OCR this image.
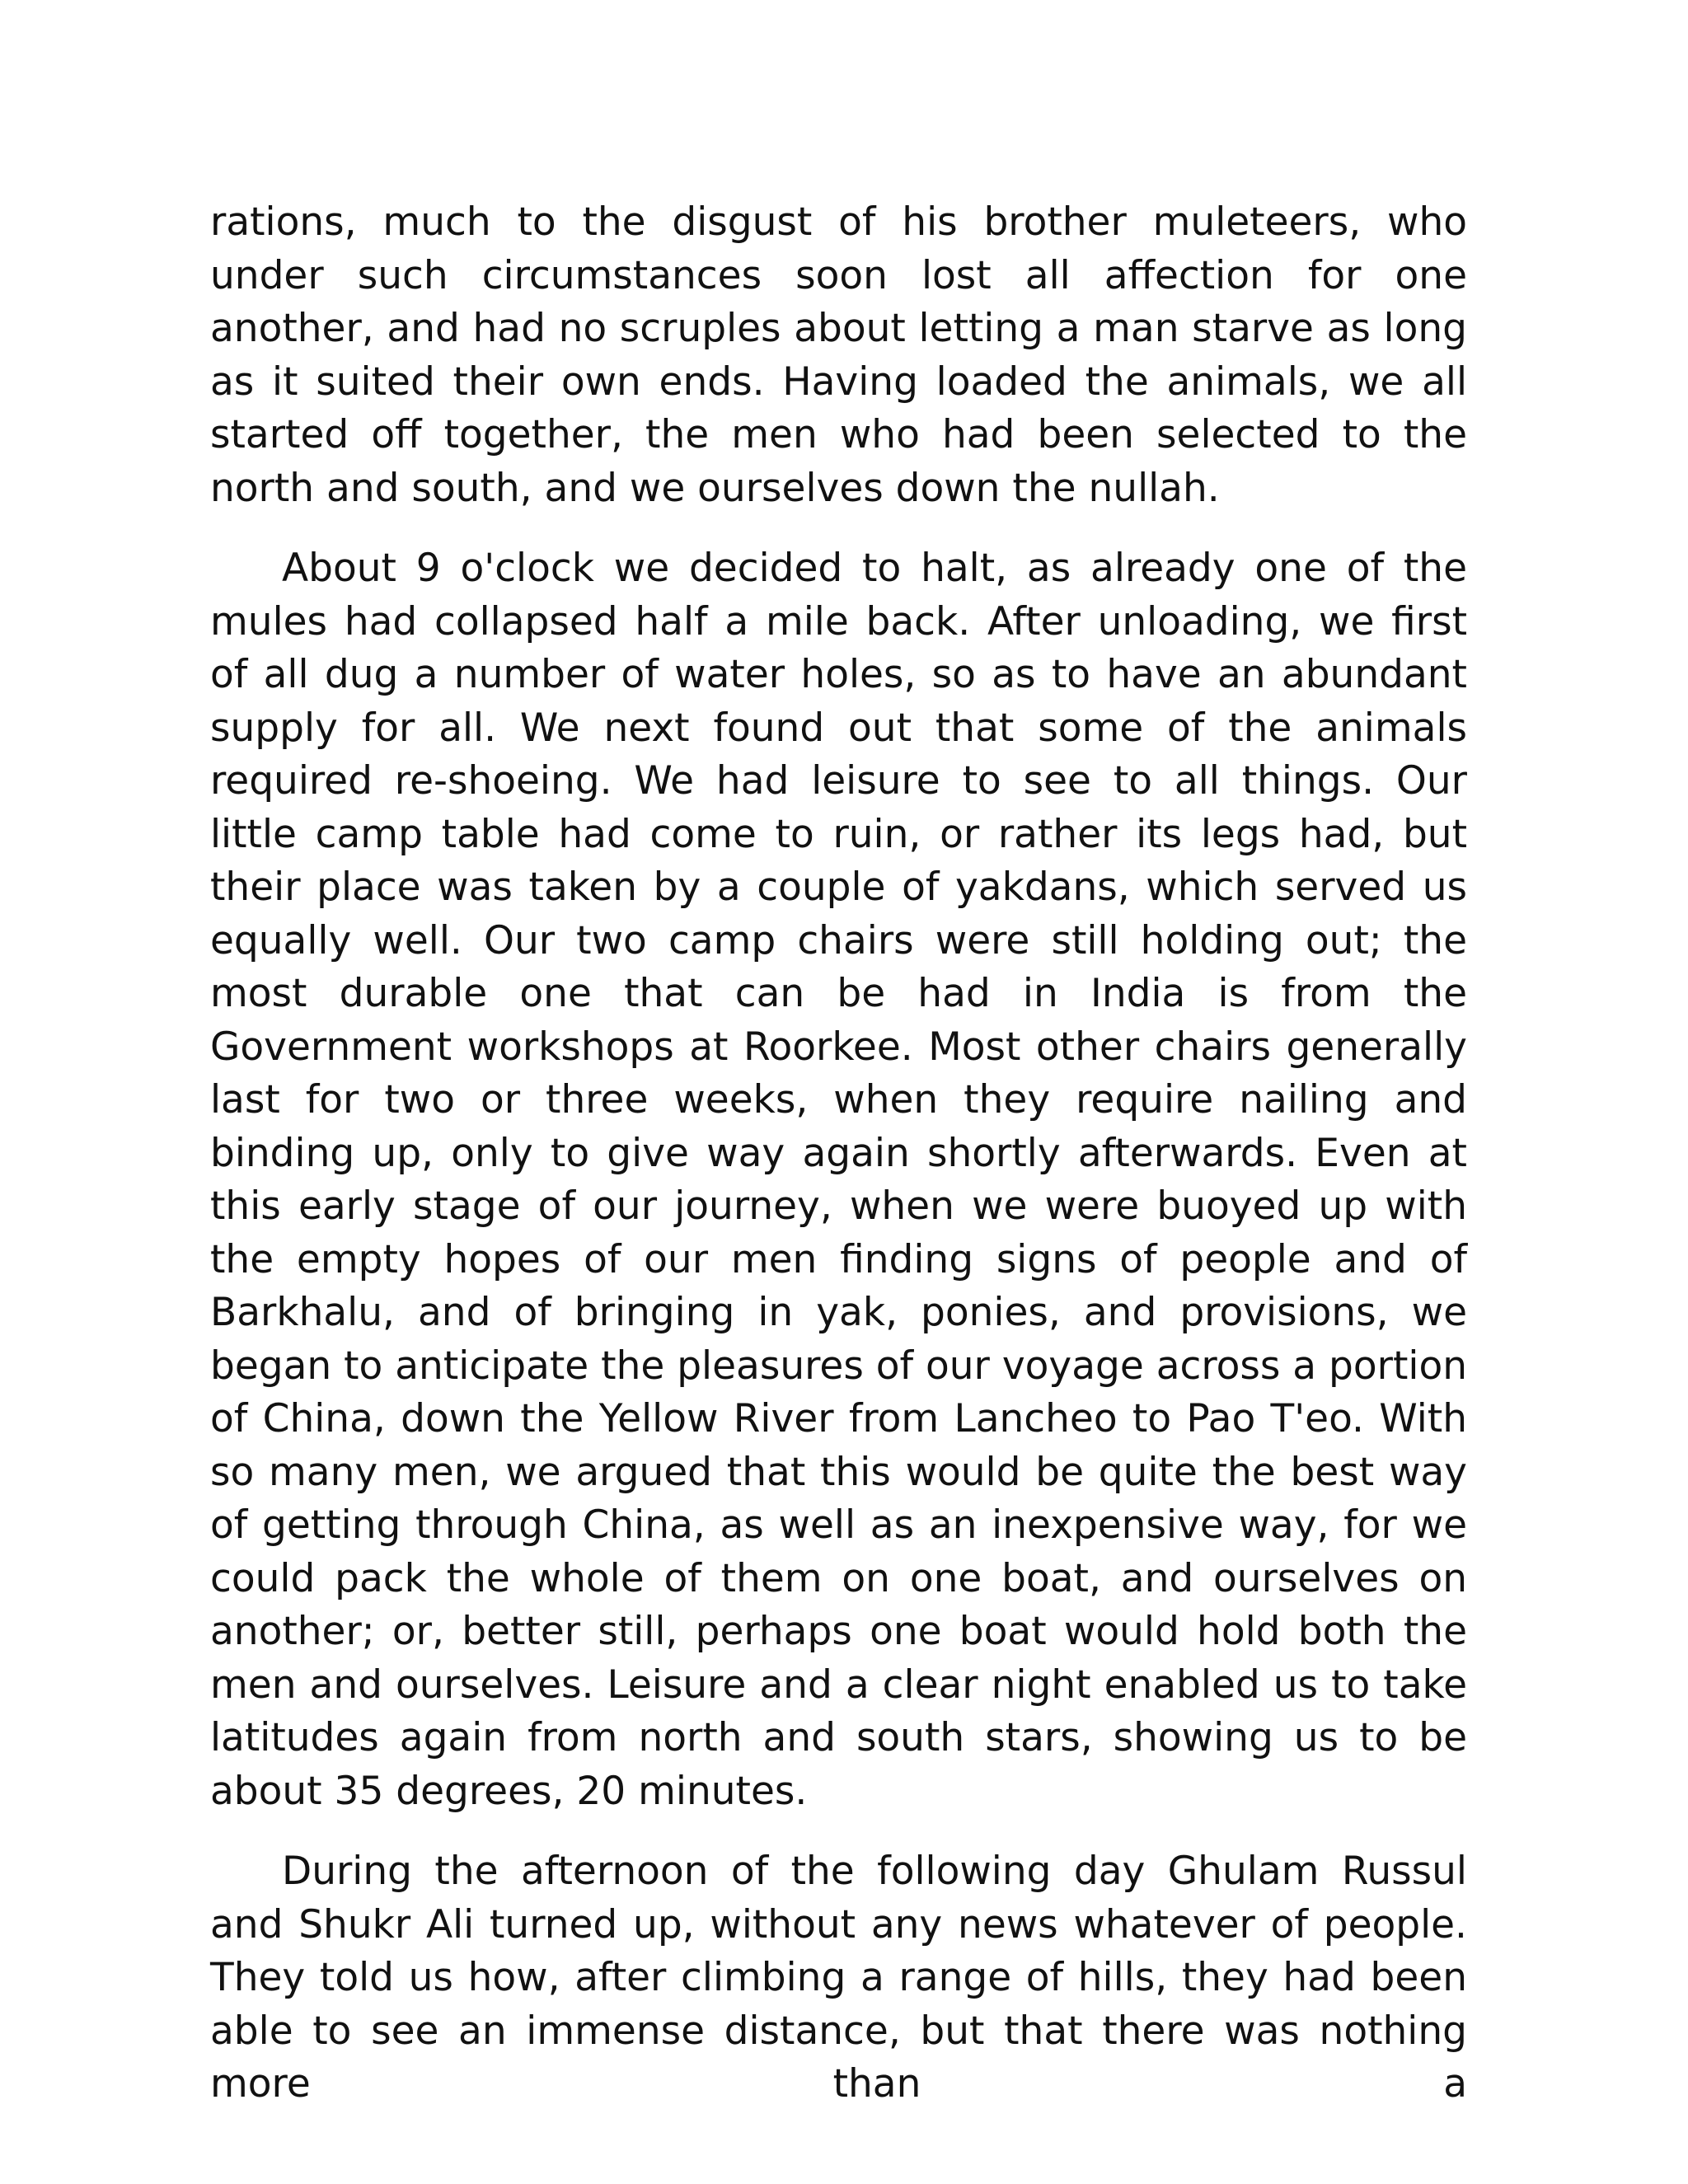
rations, much to the disgust of his brother muleteers, who under such circumstances soon lost all affection for one another, and had no scruples about letting a man starve as long as it suited their own ends. Having loaded the animals, we all started off together, the men who had been selected to the north and south, and we ourselves down the nullah.

About 9 o'clock we decided to halt, as already one of the mules had collapsed half a mile back. After unloading, we first of all dug a number of water holes, so as to have an abundant supply for all. We next found out that some of the animals required re-shoeing. We had leisure to see to all things. Our little camp table had come to ruin, or rather its legs had, but their place was taken by a couple of yakdans, which served us equally well. Our two camp chairs were still holding out; the most durable one that can be had in India is from the Government workshops at Roorkee. Most other chairs generally last for two or three weeks, when they require nailing and binding up, only to give way again shortly afterwards. Even at this early stage of our journey, when we were buoyed up with the empty hopes of our men finding signs of people and of Barkhalu, and of bringing in yak, ponies, and provisions, we began to anticipate the pleasures of our voyage across a portion of China, down the Yellow River from Lancheo to Pao T'eo. With so many men, we argued that this would be quite the best way of getting through China, as well as an inexpensive way, for we could pack the whole of them on one boat, and ourselves on another; or, better still, perhaps one boat would hold both the men and ourselves. Leisure and a clear night enabled us to take latitudes again from north and south stars, showing us to be about 35 degrees, 20 minutes.

During the afternoon of the following day Ghulam Russul and Shukr Ali turned up, without any news whatever of people. They told us how, after climbing a range of hills, they had been able to see an immense distance, but that there was nothing more than a
